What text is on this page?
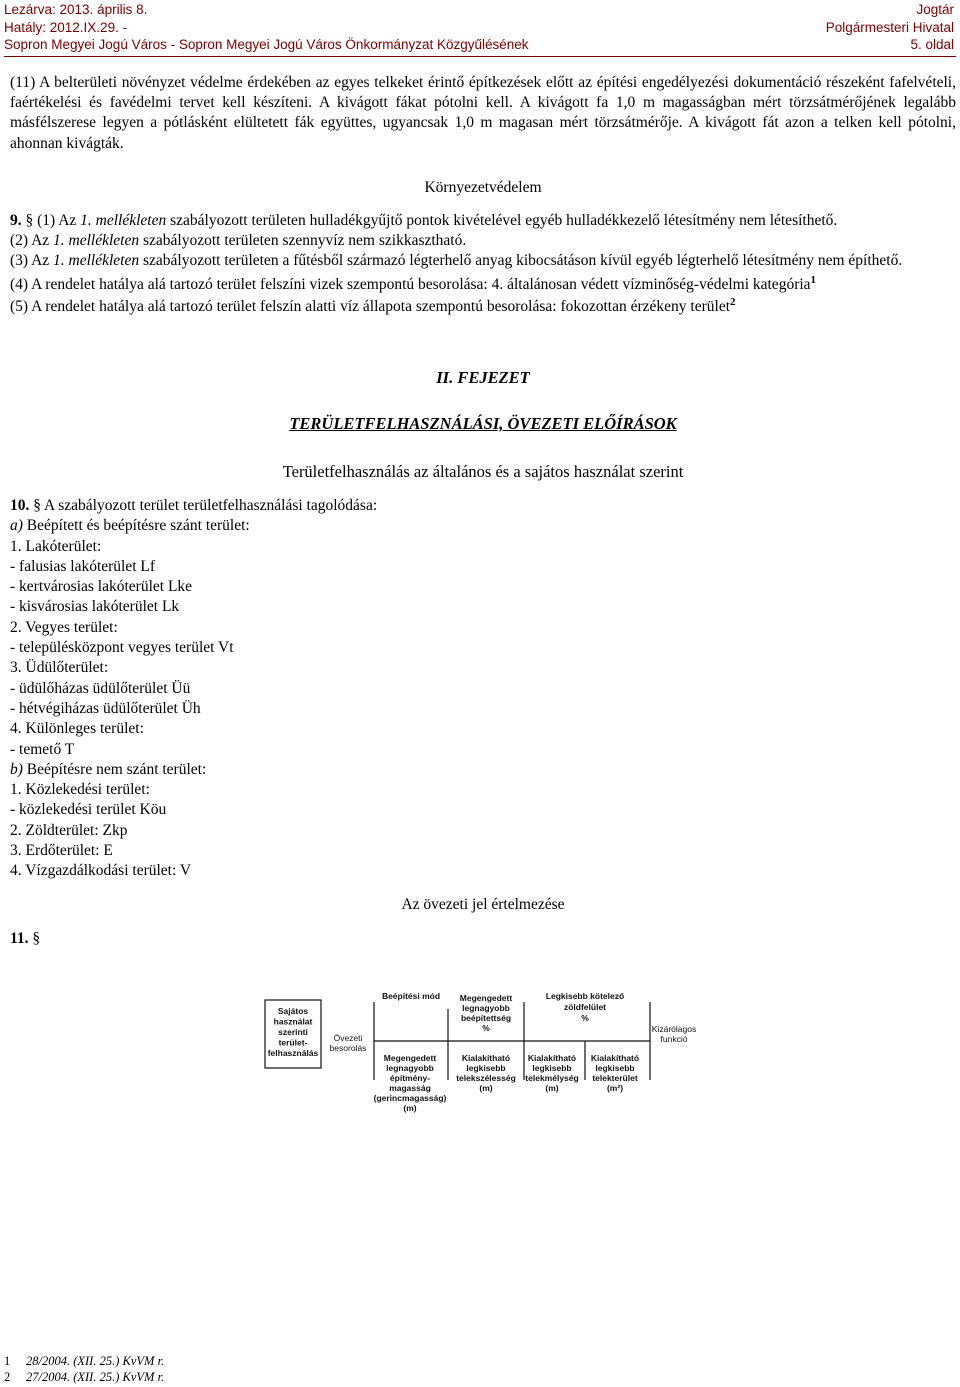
Lezárva: 2013. április 8.
Hatály: 2012.IX.29. -
Sopron Megyei Jogú Város - Sopron Megyei Jogú Város Önkormányzat Közgyűlésének
Jogtár
Polgármesteri Hivatal
5. oldal

(11) A belterületi növényzet védelme érdekében az egyes telkeket érintő építkezések előtt az építési engedélyezési dokumentáció részeként fafelvételi, faértékelési és favédelmi tervet kell készíteni. A kivágott fákat pótolni kell. A kivágott fa 1,0 m magasságban mért törzsátmérőjének legalább másfélszerese legyen a pótlásként elültetett fák együttes, ugyancsak 1,0 m magasan mért törzsátmérője. A kivágott fát azon a telken kell pótolni, ahonnan kivágták.

Környezetvédelem

9. § (1) Az 1. mellékleten szabályozott területen hulladékgyűjtő pontok kivételével egyéb hulladékkezelő létesítmény nem létesíthető.

(2) Az 1. mellékleten szabályozott területen szennyvíz nem szikkasztható.

(3) Az 1. mellékleten szabályozott területen a fűtésből származó légterhelő anyag kibocsátáson kívül egyéb légterhelő létesítmény nem építhető.

(4) A rendelet hatálya alá tartozó terület felszíni vizek szempontú besorolása: 4. általánosan védett vízminőség-védelmi kategória$^1$

(5) A rendelet hatálya alá tartozó terület felszín alatti víz állapota szempontú besorolása: fokozottan érzékeny terület$^2$

II. FEJEZET

TERÜLETFELHASZNÁLÁSI, ÖVEZETI ELŐÍRÁSOK

Területfelhasználás az általános és a sajátos használat szerint

10. § A szabályozott terület területfelhasználási tagolódása:
a) Beépített és beépítésre szánt terület:
1. Lakóterület:
- falusias lakóterület Lf
- kertvárosias lakóterület Lke
- kisvárosias lakóterület Lk
2. Vegyes terület:
- településközpont vegyes terület Vt
3. Üdülőterület:
- üdülőházas üdülőterület Üü
- hétvégiházas üdülőterület Üh
4. Különleges terület:
- temető T
b) Beépítésre nem szánt terület:
1. Közlekedési terület:
- közlekedési terület Köu
2. Zöldterület: Zkp
3. Erdőterület: E
4. Vízgazdálkodási terület: V

Az övezeti jel értelmezése

11. §
Sajátos használat szerinti terület-felhasználás
Övezeti besorolás
Beépítési mód Megengedett legnagyobb beépítettség %
Legkisebb kötelező zöldfelület %
Kizárólagos funkció
Megengedett legnagyobb építmény-magasság (gerincmagasság) (m)
Kialakítható legkisebb telekszélesség (m)
Kialakítható legkisebb telekmélység (m)
Kialakítható legkisebb telekterület (m²)
1 28/2004. (XII. 25.) KvVM r.
2 27/2004. (XII. 25.) KvVM r.
